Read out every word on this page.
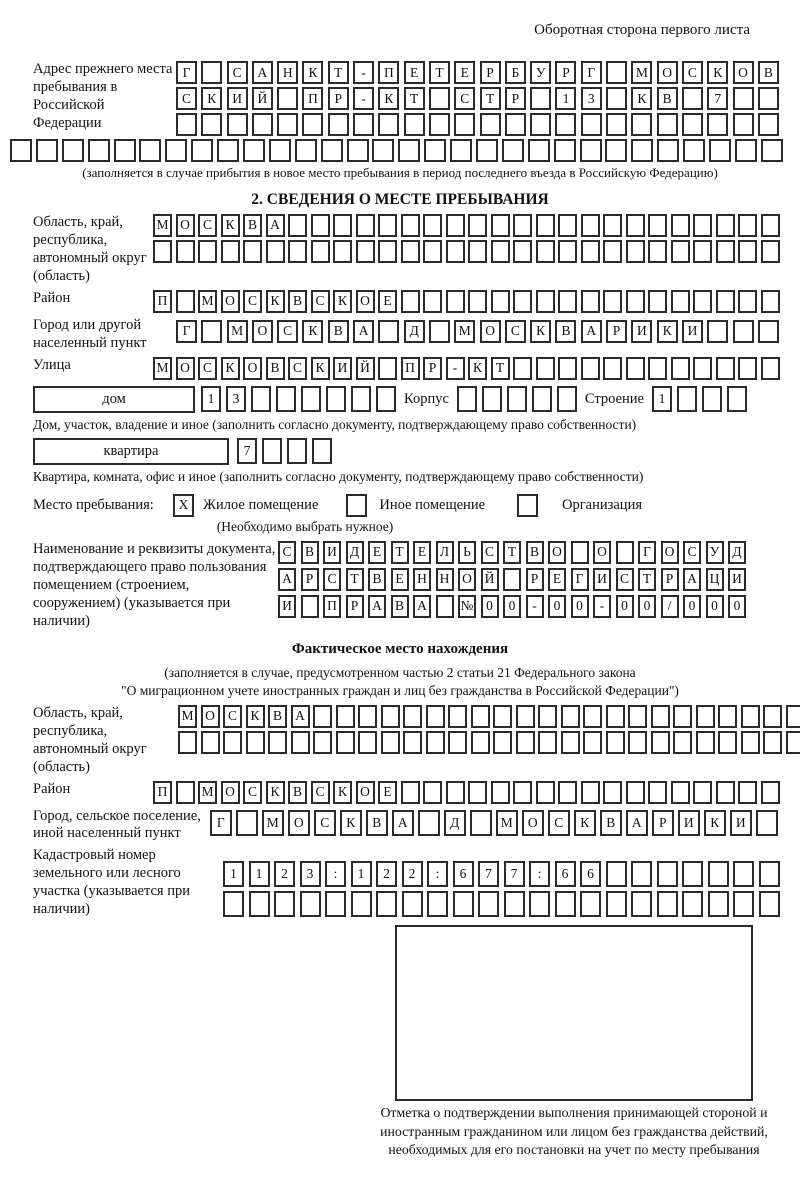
Оборотная сторона первого листа
Адрес прежнего места пребывания в Российской Федерации
Г	С	А	Н	К	Т	-	П	Е	Т	Е	Р	Б	У	Р	Г	М	О	С	К	О	В
С	К	И	Й	П	Р	-	К	Т	С	Т	Р	1	3	К	В	7
(заполняется в случае прибытия в новое место пребывания в период последнего въезда в Российскую Федерацию)
2. СВЕДЕНИЯ О МЕСТЕ ПРЕБЫВАНИЯ
Область, край, республика, автономный округ (область)
М О С К В А
Район	П	М О С К В С К О	Е
Город или другой населенный пункт
Г	М	О	С	К	В	А	Д	М	О	С	К	В	А	Р	И	К	И
Улица	М О С К О В С К И Й	П	Р	-	К	Т
дом	1	3	Корпус	Строение	1
Дом, участок, владение и иное (заполнить согласно документу, подтверждающему право собственности)
квартира	7
Квартира, комната, офис и иное (заполнить согласно документу, подтверждающему право собственности)
Место пребывания:	X	Жилое помещение	Иное помещение	Организация
(Необходимо выбрать нужное)
Наименование и реквизиты документа, подтверждающего право пользования помещением (строением, сооружением) (указывается при наличии)
С В И Д	Е	Т	Е	Л	Ь	С	Т	В О	О	Г	О С У Д
А	Р	С	Т	В	Е	Н Н О Й	Р	Е	Г	И С	Т	Р	А Ц И
И	П	Р	А В А	№ 0	0	-	0	0	-	0	0	/	0	0	0
Фактическое место нахождения
(заполняется в случае, предусмотренном частью 2 статьи 21 Федерального закона
"О миграционном учете иностранных граждан и лиц без гражданства в Российской Федерации")
Область, край, республика, автономный округ (область)
М О С К В А
Район	П	М О С К В С К О	Е
Город, сельское поселение, иной населенный пункт
Г	М	О	С	К	В	А	Д	М	О	С	К	В	А	Р	И	К	И
Кадастровый номер земельного или лесного участка (указывается при наличии)
1	1	2	3	:	1	2	2	:	6	7	7	:	6	6
Отметка о подтверждении выполнения принимающей стороной и иностранным гражданином или лицом без гражданства действий, необходимых для его постановки на учет по месту пребывания
